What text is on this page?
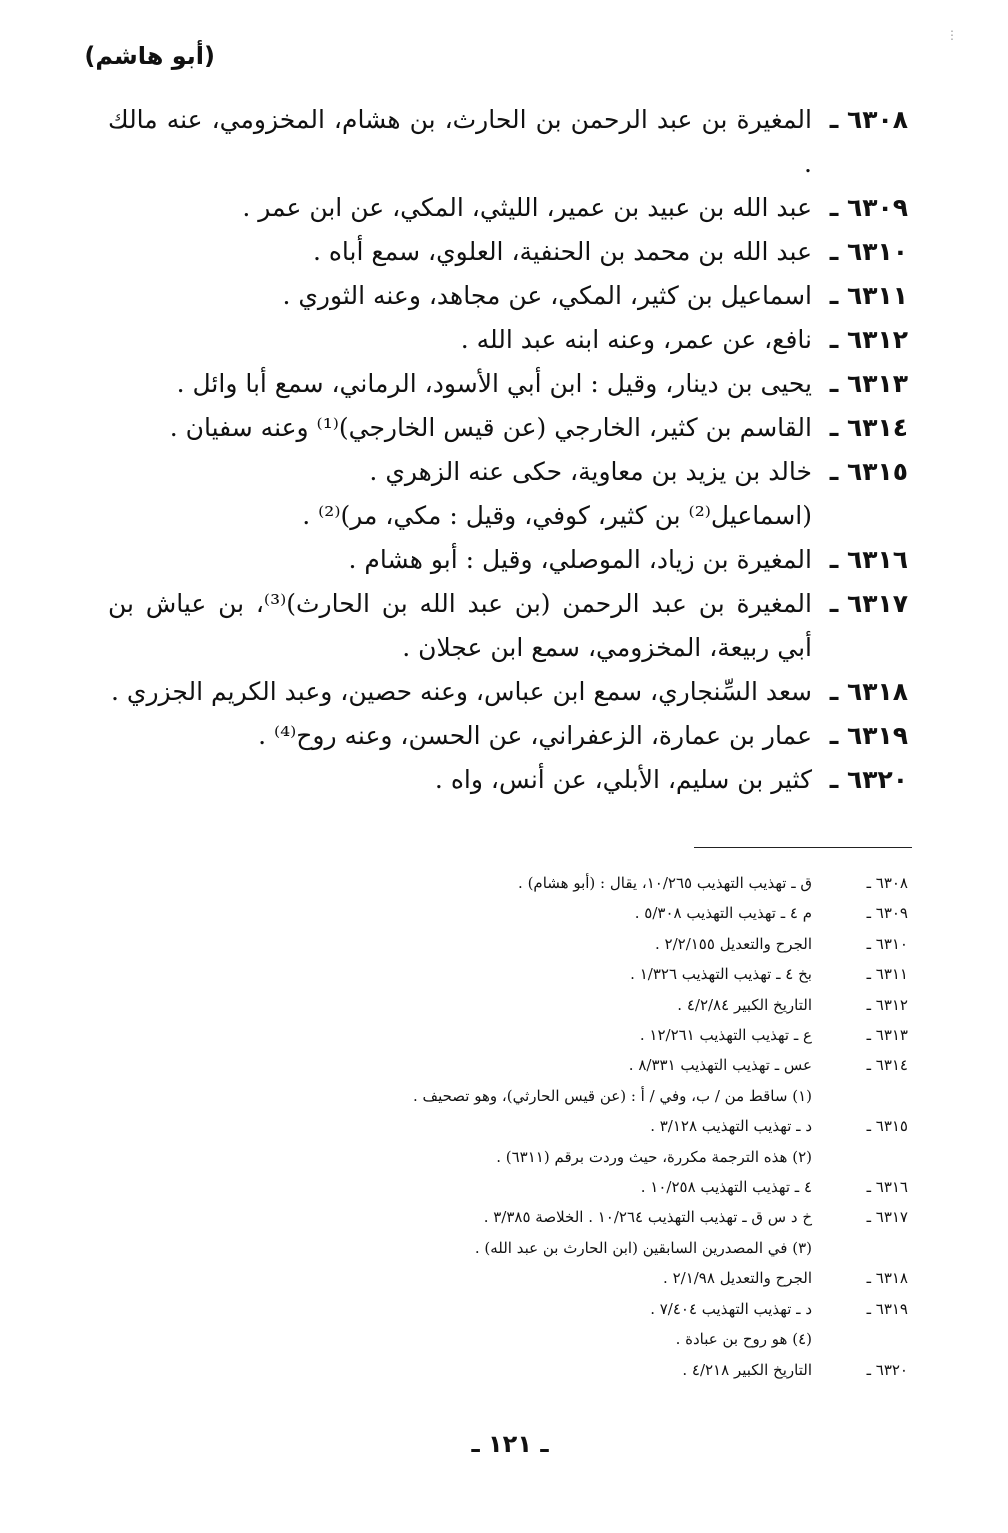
⋮
(أبو هاشم)
٦٣٠٨ ـ
المغيرة بن عبد الرحمن بن الحارث، بن هشام، المخزومي، عنه مالك .
٦٣٠٩ ـ
عبد الله بن عبيد بن عمير، الليثي، المكي، عن ابن عمر .
٦٣١٠ ـ
عبد الله بن محمد بن الحنفية، العلوي، سمع أباه .
٦٣١١ ـ
اسماعيل بن كثير، المكي، عن مجاهد، وعنه الثوري .
٦٣١٢ ـ
نافع، عن عمر، وعنه ابنه عبد الله .
٦٣١٣ ـ
يحيى بن دينار، وقيل : ابن أبي الأسود، الرماني، سمع أبا وائل .
٦٣١٤ ـ
القاسم بن كثير، الخارجي (عن قيس الخارجي)⁽¹⁾ وعنه سفيان .
٦٣١٥ ـ
خالد بن يزيد بن معاوية، حكى عنه الزهري .
(اسماعيل⁽²⁾ بن كثير، كوفي، وقيل : مكي، مر)⁽²⁾ .
٦٣١٦ ـ
المغيرة بن زياد، الموصلي، وقيل : أبو هشام .
٦٣١٧ ـ
المغيرة بن عبد الرحمن (بن عبد الله بن الحارث)⁽³⁾، بن عياش بن أبي ربيعة، المخزومي، سمع ابن عجلان .
٦٣١٨ ـ
سعد السِّنجاري، سمع ابن عباس، وعنه حصين، وعبد الكريم الجزري .
٦٣١٩ ـ
عمار بن عمارة، الزعفراني، عن الحسن، وعنه روح⁽⁴⁾ .
٦٣٢٠ ـ
كثير بن سليم، الأبلي، عن أنس، واه .
٦٣٠٨ ـ
ق ـ تهذيب التهذيب ١٠/٢٦٥، يقال : (أبو هشام) .
٦٣٠٩ ـ
م ٤ ـ تهذيب التهذيب ٥/٣٠٨ .
٦٣١٠ ـ
الجرح والتعديل ٢/٢/١٥٥ .
٦٣١١ ـ
بخ ٤ ـ تهذيب التهذيب ١/٣٢٦ .
٦٣١٢ ـ
التاريخ الكبير ٤/٢/٨٤ .
٦٣١٣ ـ
ع ـ تهذيب التهذيب ١٢/٢٦١ .
٦٣١٤ ـ
عس ـ تهذيب التهذيب ٨/٣٣١ .
(١) ساقط من / ب، وفي / أ : (عن قيس الحارثي)، وهو تصحيف .
٦٣١٥ ـ
د ـ تهذيب التهذيب ٣/١٢٨ .
(٢) هذه الترجمة مكررة، حيث وردت برقم (٦٣١١) .
٦٣١٦ ـ
٤ ـ تهذيب التهذيب ١٠/٢٥٨ .
٦٣١٧ ـ
خ د س ق ـ تهذيب التهذيب ١٠/٢٦٤ . الخلاصة ٣/٣٨٥ .
(٣) في المصدرين السابقين (ابن الحارث بن عبد الله) .
٦٣١٨ ـ
الجرح والتعديل ٢/١/٩٨ .
٦٣١٩ ـ
د ـ تهذيب التهذيب ٧/٤٠٤ .
(٤) هو روح بن عبادة .
٦٣٢٠ ـ
التاريخ الكبير ٤/٢١٨ .
ـ ١٢١ ـ
